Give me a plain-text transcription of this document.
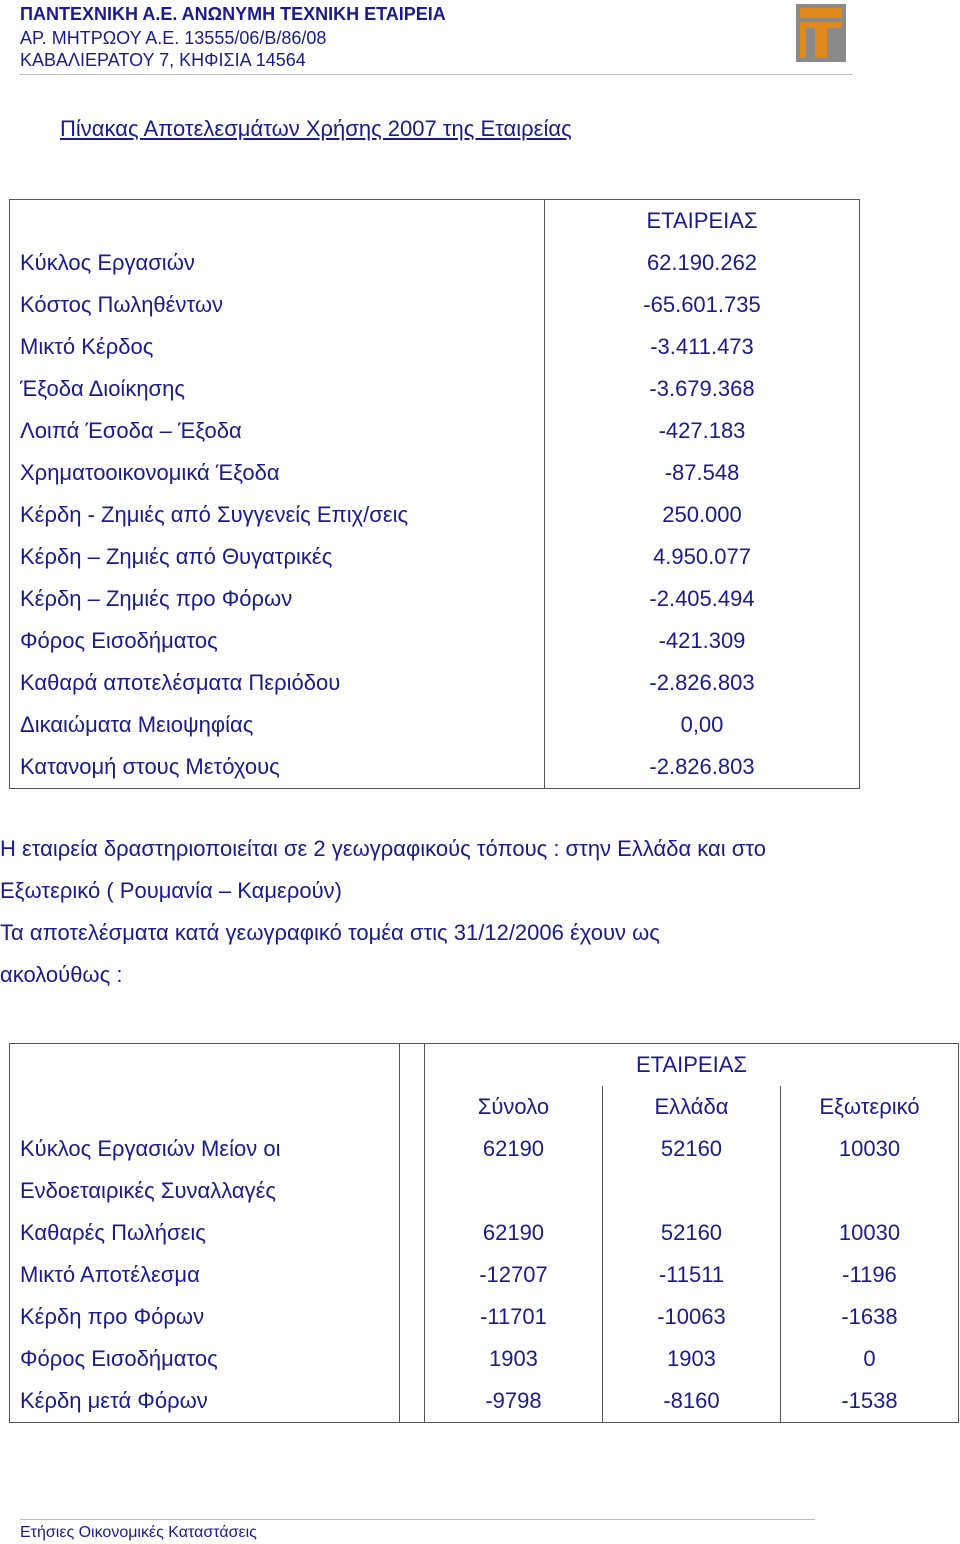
ΠΑΝΤΕΧΝΙΚΗ Α.Ε. ΑΝΩΝΥΜΗ ΤΕΧΝΙΚΗ ΕΤΑΙΡΕΙΑ
ΑΡ. ΜΗΤΡΩΟΥ Α.Ε. 13555/06/Β/86/08
ΚΑΒΑΛΙΕΡΑΤΟΥ 7, ΚΗΦΙΣΙΑ 14564
Πίνακας Αποτελεσμάτων Χρήσης 2007 της Εταιρείας
	ΕΤΑΙΡΕΙΑΣ
Κύκλος Εργασιών	62.190.262
Κόστος Πωληθέντων	-65.601.735
Μικτό Κέρδος	-3.411.473
Έξοδα Διοίκησης	-3.679.368
Λοιπά Έσοδα – Έξοδα	-427.183
Χρηματοοικονομικά Έξοδα	-87.548
Κέρδη - Ζημιές από Συγγενείς Επιχ/σεις	250.000
Κέρδη – Ζημιές από Θυγατρικές	4.950.077
Κέρδη – Ζημιές προ Φόρων	-2.405.494
Φόρος Εισοδήματος	-421.309
Καθαρά αποτελέσματα Περιόδου	-2.826.803
Δικαιώματα Μειοψηφίας	0,00
Κατανομή στους Μετόχους	-2.826.803
Η εταιρεία δραστηριοποιείται σε 2 γεωγραφικούς τόπους : στην Ελλάδα και στο
Εξωτερικό ( Ρουμανία – Καμερούν)
Τα αποτελέσματα κατά γεωγραφικό τομέα στις 31/12/2006 έχουν ως
ακολούθως :
		ΕΤΑΙΡΕΙΑΣ		
		Σύνολο	Ελλάδα	Εξωτερικό
Κύκλος Εργασιών Μείον οι		62190	52160	10030
Ενδοεταιρικές Συναλλαγές				
Καθαρές Πωλήσεις		62190	52160	10030
Μικτό Αποτέλεσμα		-12707	-11511	-1196
Κέρδη προ Φόρων		-11701	-10063	-1638
Φόρος Εισοδήματος		1903	1903	0
Κέρδη μετά Φόρων		-9798	-8160	-1538
Ετήσιες Οικονομικές Καταστάσεις
